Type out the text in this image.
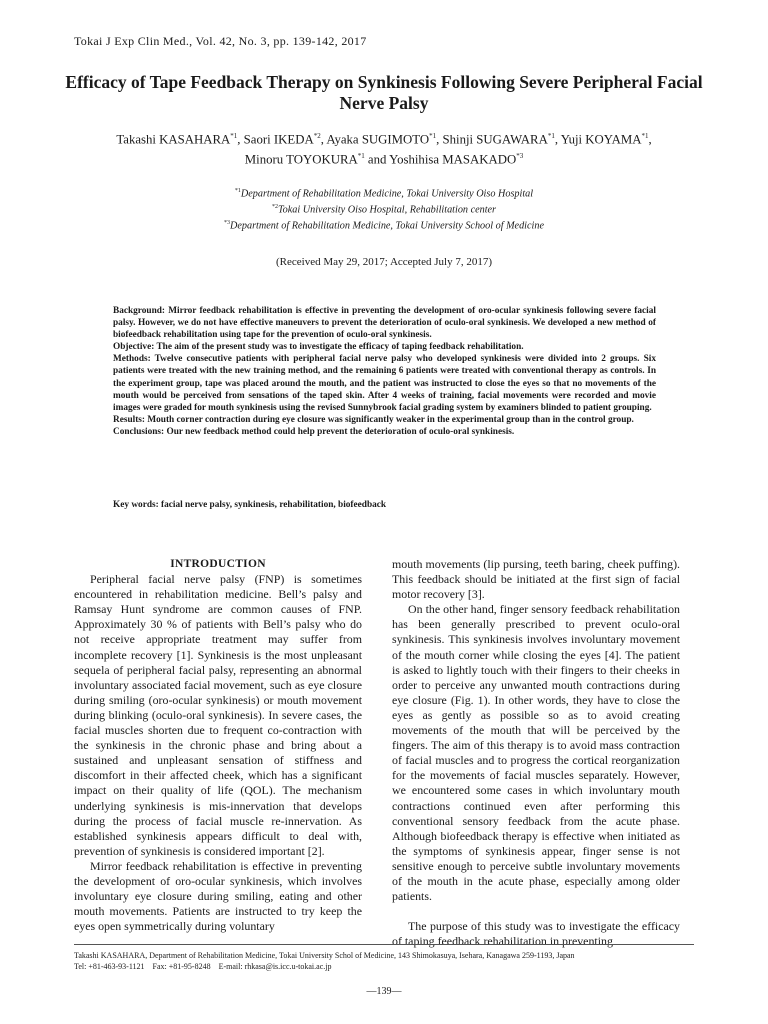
Tokai J Exp Clin Med., Vol. 42, No. 3, pp. 139-142, 2017
Efficacy of Tape Feedback Therapy on Synkinesis Following Severe Peripheral Facial Nerve Palsy
Takashi KASAHARA$^{*1}$, Saori IKEDA$^{*2}$, Ayaka SUGIMOTO$^{*1}$, Shinji SUGAWARA$^{*1}$, Yuji KOYAMA$^{*1}$,
Minoru TOYOKURA$^{*1}$ and Yoshihisa MASAKADO$^{*3}$
$^{*1}$Department of Rehabilitation Medicine, Tokai University Oiso Hospital
$^{*2}$Tokai University Oiso Hospital, Rehabilitation center
$^{*3}$Department of Rehabilitation Medicine, Tokai University School of Medicine
(Received May 29, 2017; Accepted July 7, 2017)

Background: Mirror feedback rehabilitation is effective in preventing the development of oro-ocular synkinesis following severe facial palsy. However, we do not have effective maneuvers to prevent the deterioration of oculo-oral synkinesis. We developed a new method of biofeedback rehabilitation using tape for the prevention of oculo-oral synkinesis.

Objective: The aim of the present study was to investigate the efficacy of taping feedback rehabilitation.

Methods: Twelve consecutive patients with peripheral facial nerve palsy who developed synkinesis were divided into 2 groups. Six patients were treated with the new training method, and the remaining 6 patients were treated with conventional therapy as controls. In the experiment group, tape was placed around the mouth, and the patient was instructed to close the eyes so that no movements of the mouth would be perceived from sensations of the taped skin. After 4 weeks of training, facial movements were recorded and movie images were graded for mouth synkinesis using the revised Sunnybrook facial grading system by examiners blinded to patient grouping.

Results: Mouth corner contraction during eye closure was significantly weaker in the experimental group than in the control group.

Conclusions: Our new feedback method could help prevent the deterioration of oculo-oral synkinesis.

Key words: facial nerve palsy, synkinesis, rehabilitation, biofeedback

INTRODUCTION

Peripheral facial nerve palsy (FNP) is sometimes encountered in rehabilitation medicine. Bell’s palsy and Ramsay Hunt syndrome are common causes of FNP. Approximately 30 % of patients with Bell’s palsy who do not receive appropriate treatment may suffer from incomplete recovery [1]. Synkinesis is the most unpleasant sequela of peripheral facial palsy, representing an abnormal involuntary associated facial movement, such as eye closure during smiling (oro-ocular synkinesis) or mouth movement during blinking (oculo-oral synkinesis). In severe cases, the facial muscles shorten due to frequent co-contraction with the synkinesis in the chronic phase and bring about a sustained and unpleasant sensation of stiffness and discomfort in their affected cheek, which has a significant impact on their quality of life (QOL). The mechanism underlying synkinesis is mis-innervation that develops during the process of facial muscle re-innervation. As established synkinesis appears difficult to deal with, prevention of synkinesis is considered important [2].

Mirror feedback rehabilitation is effective in preventing the development of oro-ocular synkinesis, which involves involuntary eye closure during smiling, eating and other mouth movements. Patients are instructed to try keep the eyes open symmetrically during voluntary

mouth movements (lip pursing, teeth baring, cheek puffing). This feedback should be initiated at the first sign of facial motor recovery [3].

On the other hand, finger sensory feedback rehabilitation has been generally prescribed to prevent oculo-oral synkinesis. This synkinesis involves involuntary movement of the mouth corner while closing the eyes [4]. The patient is asked to lightly touch with their fingers to their cheeks in order to perceive any unwanted mouth contractions during eye closure (Fig. 1). In other words, they have to close the eyes as gently as possible so as to avoid creating movements of the mouth that will be perceived by the fingers. The aim of this therapy is to avoid mass contraction of facial muscles and to progress the cortical reorganization for the movements of facial muscles separately. However, we encountered some cases in which involuntary mouth contractions continued even after performing this conventional sensory feedback from the acute phase. Although biofeedback therapy is effective when initiated as the symptoms of synkinesis appear, finger sense is not sensitive enough to perceive subtle involuntary movements of the mouth in the acute phase, especially among older patients.

The purpose of this study was to investigate the efficacy of taping feedback rehabilitation in preventing

Takashi KASAHARA, Department of Rehabilitation Medicine, Tokai University Schol of Medicine, 143 Shimokasuya, Isehara, Kanagawa 259-1193, Japan
Tel: +81-463-93-1121    Fax: +81-95-8248    E-mail: rhkasa@is.icc.u-tokai.ac.jp
—139—
